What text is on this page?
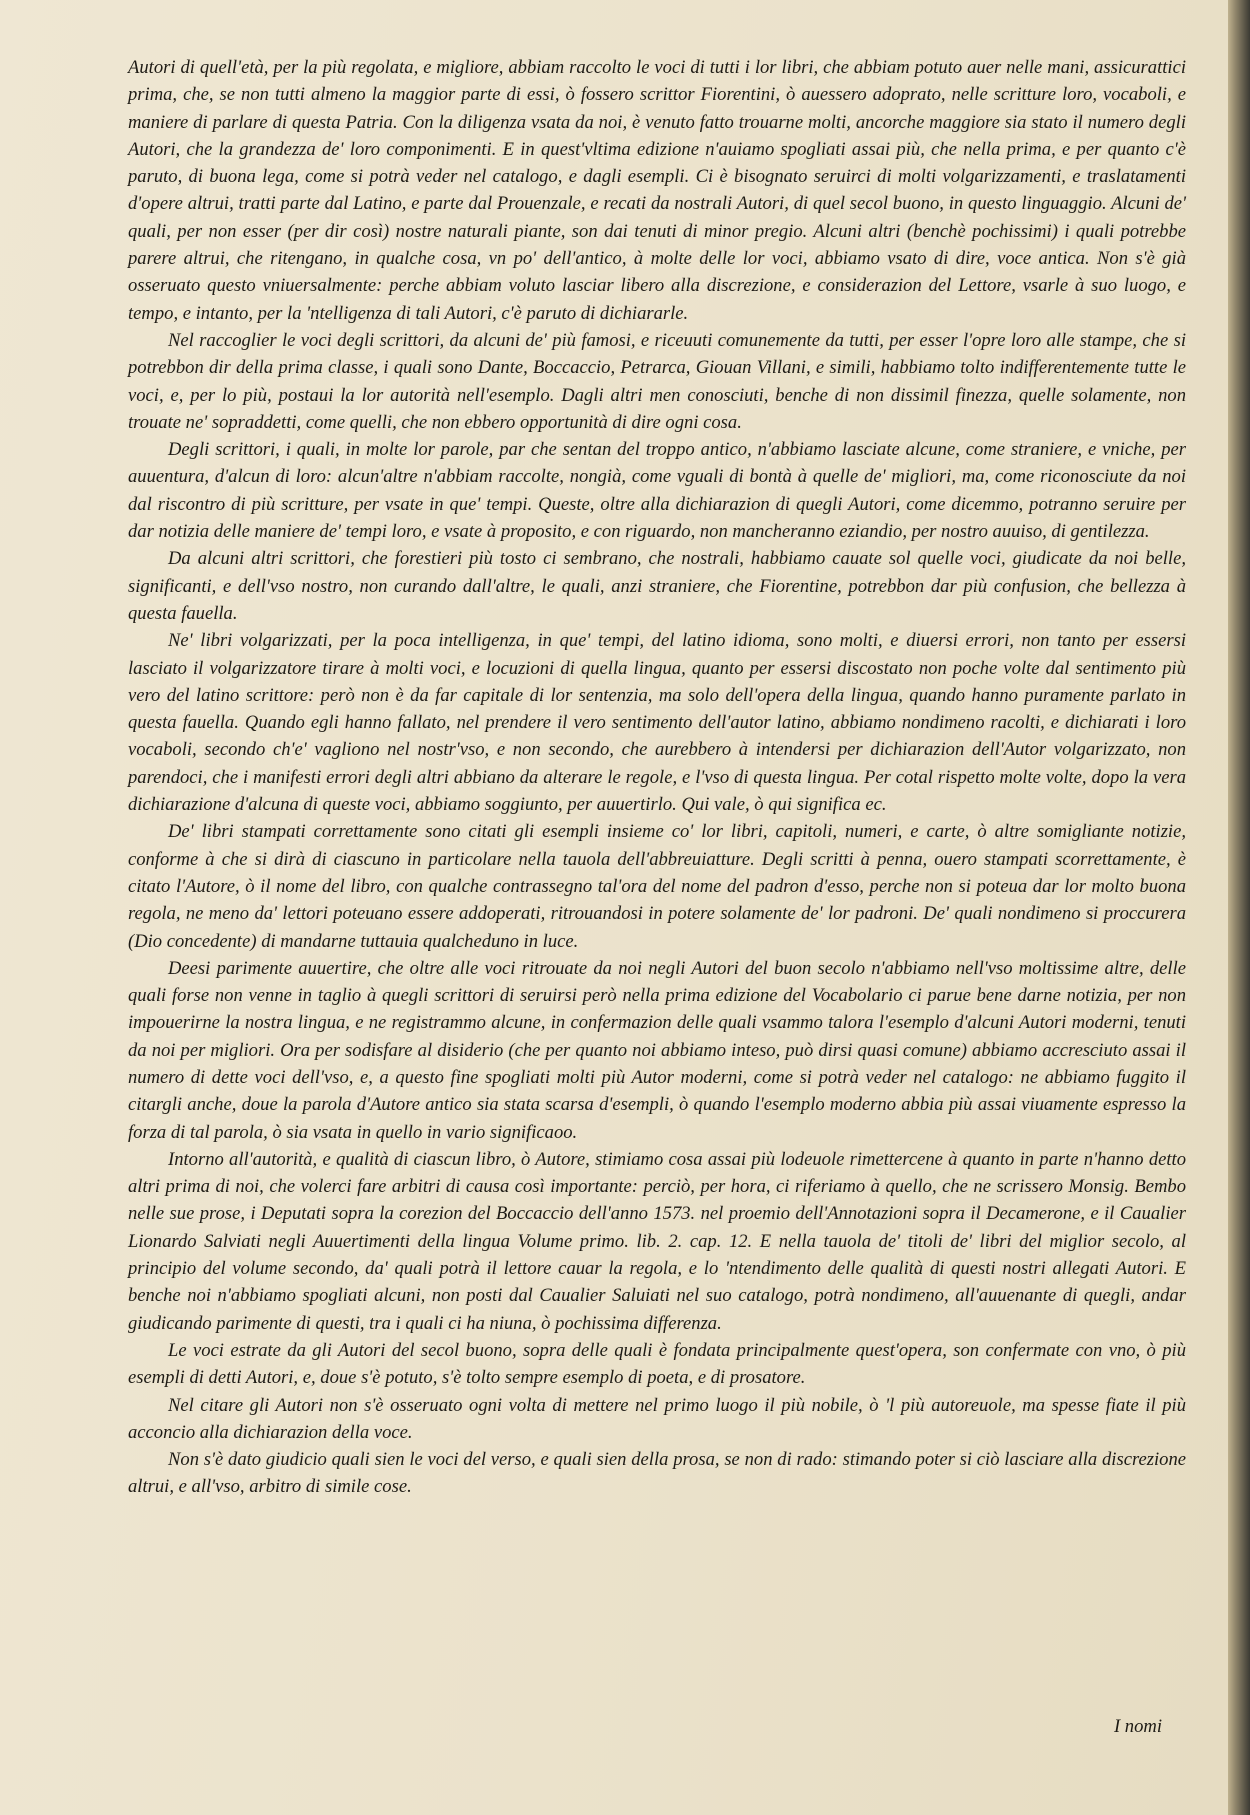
Autori di quell'età, per la più regolata, e migliore, abbiam raccolto le voci di tutti i lor libri, che abbiam potuto auer nelle mani, assicurattici prima, che, se non tutti almeno la maggior parte di essi, ò fossero scrittor Fiorentini, ò auessero adoprato, nelle scritture loro, vocaboli, e maniere di parlare di questa Patria. Con la diligenza vsata da noi, è venuto fatto trouarne molti, ancorche maggiore sia stato il numero degli Autori, che la grandezza de' loro componimenti. E in quest'vltima edizione n'auiamo spogliati assai più, che nella prima, e per quanto c'è paruto, di buona lega, come si potrà veder nel catalogo, e dagli esempli. Ci è bisognato seruirci di molti volgarizzamenti, e traslatamenti d'opere altrui, tratti parte dal Latino, e parte dal Prouenzale, e recati da nostrali Autori, di quel secol buono, in questo linguaggio. Alcuni de' quali, per non esser (per dir così) nostre naturali piante, son dai tenuti di minor pregio. Alcuni altri (benchè pochissimi) i quali potrebbe parere altrui, che ritengano, in qualche cosa, vn po' dell'antico, à molte delle lor voci, abbiamo vsato di dire, voce antica. Non s'è già osseruato questo vniuersalmente: perche abbiam voluto lasciar libero alla discrezione, e considerazion del Lettore, vsarle à suo luogo, e tempo, e intanto, per la 'ntelligenza di tali Autori, c'è paruto di dichiararle.

Nel raccoglier le voci degli scrittori, da alcuni de' più famosi, e riceuuti comunemente da tutti, per esser l'opre loro alle stampe, che si potrebbon dir della prima classe, i quali sono Dante, Boccaccio, Petrarca, Giouan Villani, e simili, habbiamo tolto indifferentemente tutte le voci, e, per lo più, postaui la lor autorità nell'esemplo. Dagli altri men conosciuti, benche di non dissimil finezza, quelle solamente, non trouate ne' sopraddetti, come quelli, che non ebbero opportunità di dire ogni cosa.

Degli scrittori, i quali, in molte lor parole, par che sentan del troppo antico, n'abbiamo lasciate alcune, come straniere, e vniche, per auuentura, d'alcun di loro: alcun'altre n'abbiam raccolte, nongià, come vguali di bontà à quelle de' migliori, ma, come riconosciute da noi dal riscontro di più scritture, per vsate in que' tempi. Queste, oltre alla dichiarazion di quegli Autori, come dicemmo, potranno seruire per dar notizia delle maniere de' tempi loro, e vsate à proposito, e con riguardo, non mancheranno eziandio, per nostro auuiso, di gentilezza.

Da alcuni altri scrittori, che forestieri più tosto ci sembrano, che nostrali, habbiamo cauate sol quelle voci, giudicate da noi belle, significanti, e dell'vso nostro, non curando dall'altre, le quali, anzi straniere, che Fiorentine, potrebbon dar più confusion, che bellezza à questa fauella.

Ne' libri volgarizzati, per la poca intelligenza, in que' tempi, del latino idioma, sono molti, e diuersi errori, non tanto per essersi lasciato il volgarizzatore tirare à molti voci, e locuzioni di quella lingua, quanto per essersi discostato non poche volte dal sentimento più vero del latino scrittore: però non è da far capitale di lor sentenzia, ma solo dell'opera della lingua, quando hanno puramente parlato in questa fauella. Quando egli hanno fallato, nel prendere il vero sentimento dell'autor latino, abbiamo nondimeno racolti, e dichiarati i loro vocaboli, secondo ch'e' vagliono nel nostr'vso, e non secondo, che aurebbero à intendersi per dichiarazion dell'Autor volgarizzato, non parendoci, che i manifesti errori degli altri abbiano da alterare le regole, e l'vso di questa lingua. Per cotal rispetto molte volte, dopo la vera dichiarazione d'alcuna di queste voci, abbiamo soggiunto, per auuertirlo. Qui vale, ò qui significa ec.

De' libri stampati correttamente sono citati gli esempli insieme co' lor libri, capitoli, numeri, e carte, ò altre somigliante notizie, conforme à che si dirà di ciascuno in particolare nella tauola dell'abbreuiatture. Degli scritti à penna, ouero stampati scorrettamente, è citato l'Autore, ò il nome del libro, con qualche contrassegno tal'ora del nome del padron d'esso, perche non si poteua dar lor molto buona regola, ne meno da' lettori poteuano essere addoperati, ritrouandosi in potere solamente de' lor padroni. De' quali nondimeno si proccurera (Dio concedente) di mandarne tuttauia qualcheduno in luce.

Deesi parimente auuertire, che oltre alle voci ritrouate da noi negli Autori del buon secolo n'abbiamo nell'vso moltissime altre, delle quali forse non venne in taglio à quegli scrittori di seruirsi però nella prima edizione del Vocabolario ci parue bene darne notizia, per non impouerirne la nostra lingua, e ne registrammo alcune, in confermazion delle quali vsammo talora l'esemplo d'alcuni Autori moderni, tenuti da noi per migliori. Ora per sodisfare al disiderio (che per quanto noi abbiamo inteso, può dirsi quasi comune) abbiamo accresciuto assai il numero di dette voci dell'vso, e, a questo fine spogliati molti più Autor moderni, come si potrà veder nel catalogo: ne abbiamo fuggito il citargli anche, doue la parola d'Autore antico sia stata scarsa d'esempli, ò quando l'esemplo moderno abbia più assai viuamente espresso la forza di tal parola, ò sia vsata in quello in vario significaoo.

Intorno all'autorità, e qualità di ciascun libro, ò Autore, stimiamo cosa assai più lodeuole rimettercene à quanto in parte n'hanno detto altri prima di noi, che volerci fare arbitri di causa così importante: perciò, per hora, ci riferiamo à quello, che ne scrissero Monsig. Bembo nelle sue prose, i Deputati sopra la corezion del Boccaccio dell'anno 1573. nel proemio dell'Annotazioni sopra il Decamerone, e il Caualier Lionardo Salviati negli Auuertimenti della lingua Volume primo. lib. 2. cap. 12. E nella tauola de' titoli de' libri del miglior secolo, al principio del volume secondo, da' quali potrà il lettore cauar la regola, e lo 'ntendimento delle qualità di questi nostri allegati Autori. E benche noi n'abbiamo spogliati alcuni, non posti dal Caualier Saluiati nel suo catalogo, potrà nondimeno, all'auuenante di quegli, andar giudicando parimente di questi, tra i quali ci ha niuna, ò pochissima differenza.

Le voci estrate da gli Autori del secol buono, sopra delle quali è fondata principalmente quest'opera, son confermate con vno, ò più esempli di detti Autori, e, doue s'è potuto, s'è tolto sempre esemplo di poeta, e di prosatore.

Nel citare gli Autori non s'è osseruato ogni volta di mettere nel primo luogo il più nobile, ò 'l più autoreuole, ma spesse fiate il più acconcio alla dichiarazion della voce.

Non s'è dato giudicio quali sien le voci del verso, e quali sien della prosa, se non di rado: stimando poter si ciò lasciare alla discrezione altrui, e all'vso, arbitro di simile cose.

I nomi
